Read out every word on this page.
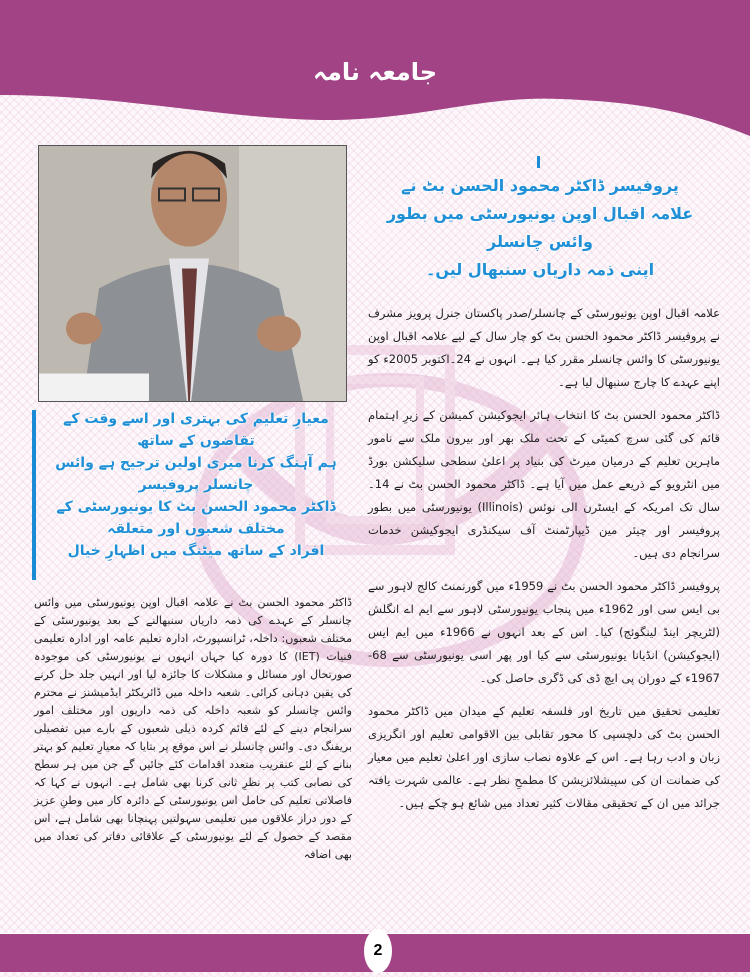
جامعہ نامہ
پروفیسر ڈاکٹر محمود الحسن بٹ نے
علامہ اقبال اوپن یونیورسٹی میں بطور وائس چانسلر
اپنی ذمہ داریاں سنبھال لیں۔
معیارِ تعلیم کی بہتری اور اسے وقت کے تقاضوں کے ساتھ
ہم آہنگ کرنا میری اولین ترجیح ہے وائس چانسلر پروفیسر
ڈاکٹر محمود الحسن بٹ کا یونیورسٹی کے مختلف شعبوں اور متعلقہ
افراد کے ساتھ میٹنگ میں اظہارِ خیال

علامہ اقبال اوپن یونیورسٹی کے چانسلر/صدر پاکستان جنرل پرویز مشرف نے پروفیسر ڈاکٹر محمود الحسن بٹ کو چار سال کے لیے علامہ اقبال اوپن یونیورسٹی کا وائس چانسلر مقرر کیا ہے۔ انہوں نے 24۔اکتوبر 2005ء کو اپنے عہدے کا چارج سنبھال لیا ہے۔

ڈاکٹر محمود الحسن بٹ کا انتخاب ہائر ایجوکیشن کمیشن کے زیرِ اہتمام قائم کی گئی سرچ کمیٹی کے تحت ملک بھر اور بیرون ملک سے نامور ماہرین تعلیم کے درمیان میرٹ کی بنیاد پر اعلیٰ سطحی سلیکشن بورڈ میں انٹرویو کے ذریعے عمل میں آیا ہے۔ ڈاکٹر محمود الحسن بٹ نے 14۔سال تک امریکہ کے ایسٹرن الی نوئس (Illinois) یونیورسٹی میں بطور پروفیسر اور چیئر مین ڈیپارٹمنٹ آف سیکنڈری ایجوکیشن خدمات سرانجام دی ہیں۔

پروفیسر ڈاکٹر محمود الحسن بٹ نے 1959ء میں گورنمنٹ کالج لاہور سے بی ایس سی اور 1962ء میں پنجاب یونیورسٹی لاہور سے ایم اے انگلش (لٹریچر اینڈ لینگوئج) کیا۔ اس کے بعد انہوں نے 1966ء میں ایم ایس (ایجوکیشن) انڈیانا یونیورسٹی سے کیا اور پھر اسی یونیورسٹی سے 68-1967ء کے دوران پی ایچ ڈی کی ڈگری حاصل کی۔

تعلیمی تحقیق میں تاریخ اور فلسفہ تعلیم کے میدان میں ڈاکٹر محمود الحسن بٹ کی دلچسپی کا محور تقابلی بین الاقوامی تعلیم اور انگریزی زبان و ادب رہا ہے۔ اس کے علاوہ نصاب سازی اور اعلیٰ تعلیم میں معیار کی ضمانت ان کی سپیشلائزیشن کا مطمحِ نظر ہے۔ عالمی شہرت یافتہ جرائد میں ان کے تحقیقی مقالات کثیر تعداد میں شائع ہو چکے ہیں۔

ڈاکٹر محمود الحسن بٹ نے علامہ اقبال اوپن یونیورسٹی میں وائس چانسلر کے عہدے کی ذمہ داریاں سنبھالنے کے بعد یونیورسٹی کے مختلف شعبوں: داخلہ، ٹرانسپورٹ، ادارہ تعلیم عامہ اور ادارہ تعلیمی فنیات (IET) کا دورہ کیا جہاں انہوں نے یونیورسٹی کی موجودہ صورتحال اور مسائل و مشکلات کا جائزہ لیا اور انہیں جلد حل کرنے کی یقین دہانی کرائی۔ شعبہ داخلہ میں ڈائریکٹر ایڈمیشنز نے محترم وائس چانسلر کو شعبہ داخلہ کی ذمہ داریوں اور مختلف امور سرانجام دینے کے لئے قائم کردہ ذیلی شعبوں کے بارے میں تفصیلی بریفنگ دی۔ وائس چانسلر نے اس موقع پر بتایا کہ معیارِ تعلیم کو بہتر بنانے کے لئے عنقریب متعدد اقدامات کئے جائیں گے جن میں ہر سطح کی نصابی کتب پر نظرِ ثانی کرنا بھی شامل ہے۔ انہوں نے کہا کہ فاصلاتی تعلیم کی حامل اس یونیورسٹی کے دائرہ کار میں وطنِ عزیز کے دور دراز علاقوں میں تعلیمی سہولتیں پہنچانا بھی شامل ہے، اس مقصد کے حصول کے لئے یونیورسٹی کے علاقائی دفاتر کی تعداد میں بھی اضافہ

2
